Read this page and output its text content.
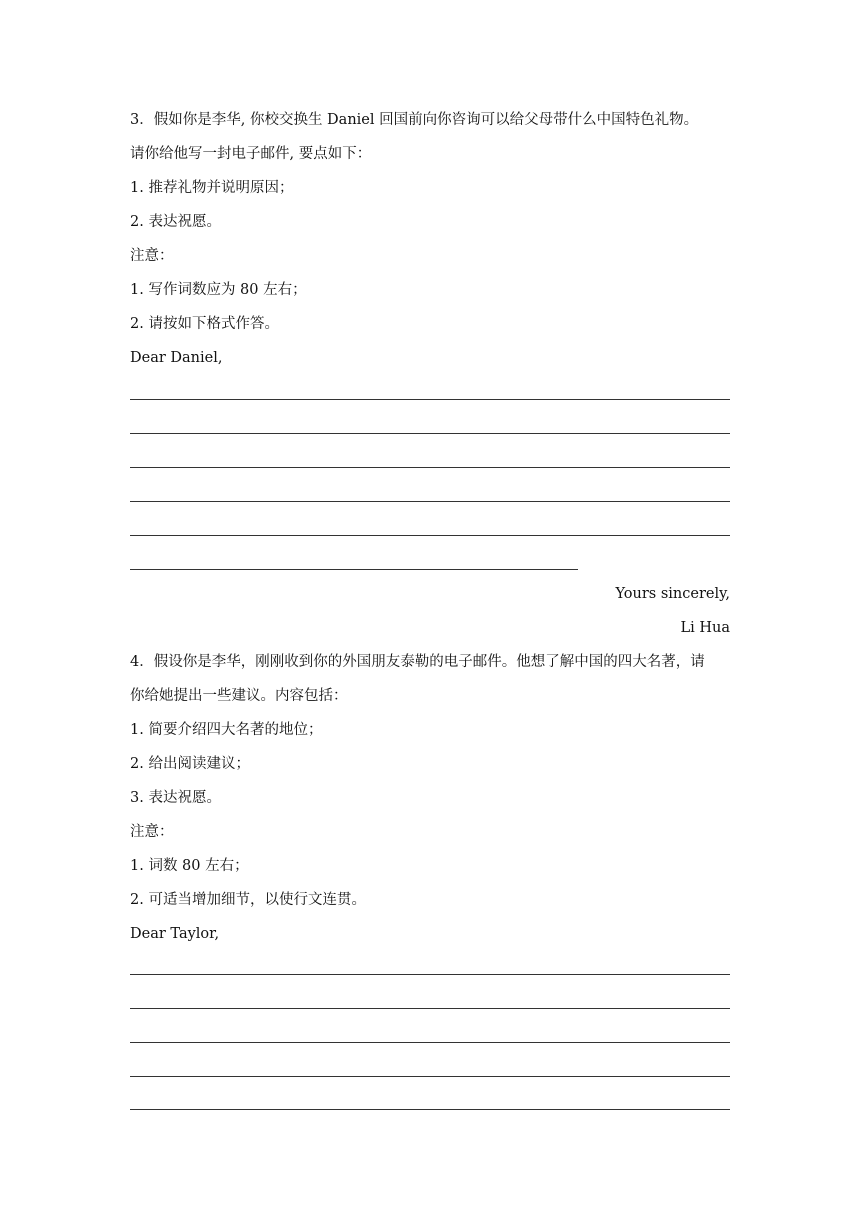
3．假如你是李华, 你校交换生 Daniel 回国前向你咨询可以给父母带什么中国特色礼物。
请你给他写一封电子邮件, 要点如下：
1. 推荐礼物并说明原因；
2. 表达祝愿。
注意：
1. 写作词数应为 80 左右；
2. 请按如下格式作答。
Dear Daniel,
Yours sincerely,
Li Hua
4．假设你是李华，刚刚收到你的外国朋友泰勒的电子邮件。他想了解中国的四大名著，请
你给她提出一些建议。内容包括：
1. 简要介绍四大名著的地位；
2. 给出阅读建议；
3. 表达祝愿。
注意：
1. 词数 80 左右；
2. 可适当增加细节，以使行文连贯。
Dear Taylor,
